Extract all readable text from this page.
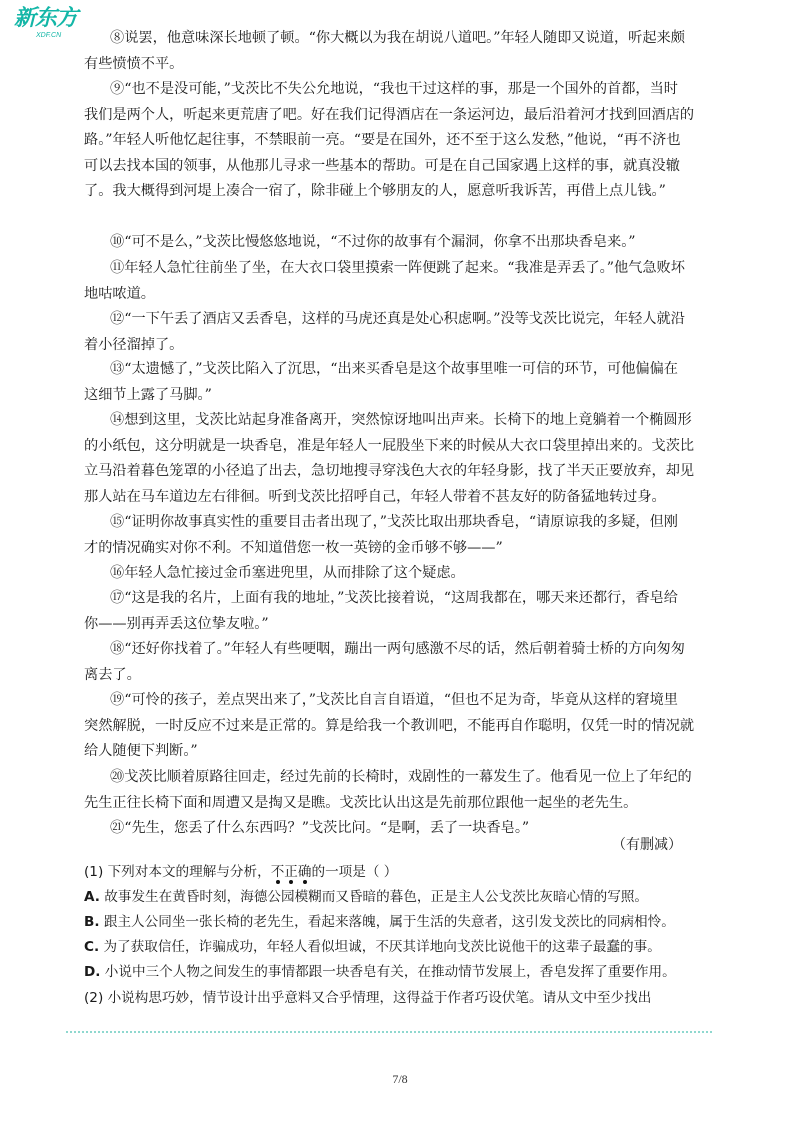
新东方
XDF.CN	⑧说罢，他意味深长地顿了顿。“你大概以为我在胡说八道吧。”年轻人随即又说道，听起来颇
有些愤愤不平。
⑨“也不是没可能，”戈茨比不失公允地说，“我也干过这样的事，那是一个国外的首都，当时
我们是两个人，听起来更荒唐了吧。好在我们记得酒店在一条运河边，最后沿着河才找到回酒店的
路。”年轻人听他忆起往事，不禁眼前一亮。“要是在国外，还不至于这么发愁，”他说，“再不济也
可以去找本国的领事，从他那儿寻求一些基本的帮助。可是在自己国家遇上这样的事，就真没辙
了。我大概得到河堤上凑合一宿了，除非碰上个够朋友的人，愿意听我诉苦，再借上点儿钱。”
⑩“可不是么，”戈茨比慢悠悠地说，“不过你的故事有个漏洞，你拿不出那块香皂来。”
⑪年轻人急忙往前坐了坐，在大衣口袋里摸索一阵便跳了起来。“我准是弄丢了。”他气急败坏
地咕哝道。
⑫“一下午丢了酒店又丢香皂，这样的马虎还真是处心积虑啊。”没等戈茨比说完，年轻人就沿
着小径溜掉了。
⑬“太遗憾了，”戈茨比陷入了沉思，“出来买香皂是这个故事里唯一可信的环节，可他偏偏在
这细节上露了马脚。”
⑭想到这里，戈茨比站起身准备离开，突然惊讶地叫出声来。长椅下的地上竟躺着一个椭圆形
的小纸包，这分明就是一块香皂，准是年轻人一屁股坐下来的时候从大衣口袋里掉出来的。戈茨比
立马沿着暮色笼罩的小径追了出去，急切地搜寻穿浅色大衣的年轻身影，找了半天正要放弃，却见
那人站在马车道边左右徘徊。听到戈茨比招呼自己，年轻人带着不甚友好的防备猛地转过身。
⑮“证明你故事真实性的重要目击者出现了，”戈茨比取出那块香皂，“请原谅我的多疑，但刚
才的情况确实对你不利。不知道借您一枚一英镑的金币够不够——”
⑯年轻人急忙接过金币塞进兜里，从而排除了这个疑虑。
⑰“这是我的名片，上面有我的地址，”戈茨比接着说，“这周我都在，哪天来还都行，香皂给
你——别再弄丢这位挚友啦。”
⑱“还好你找着了。”年轻人有些哽咽，蹦出一两句感激不尽的话，然后朝着骑士桥的方向匆匆
离去了。
⑲“可怜的孩子，差点哭出来了，”戈茨比自言自语道，“但也不足为奇，毕竟从这样的窘境里
突然解脱，一时反应不过来是正常的。算是给我一个教训吧，不能再自作聪明，仅凭一时的情况就
给人随便下判断。”
⑳戈茨比顺着原路往回走，经过先前的长椅时，戏剧性的一幕发生了。他看见一位上了年纪的
先生正往长椅下面和周遭又是掏又是瞧。戈茨比认出这是先前那位跟他一起坐的老先生。
㉑“先生，您丢了什么东西吗？”戈茨比问。“是啊，丢了一块香皂。”
（有删减）
(1) 下列对本文的理解与分析，不正确
的一项是（ ）
A. 故事发生在黄昏时刻，海德公园模糊而又昏暗的暮色，正是主人公戈茨比灰暗心情的写照。
B. 跟主人公同坐一张长椅的老先生，看起来落魄，属于生活的失意者，这引发戈茨比的同病相怜。
C. 为了获取信任，诈骗成功，年轻人看似坦诚，不厌其详地向戈茨比说他干的这辈子最蠢的事。
D. 小说中三个人物之间发生的事情都跟一块香皂有关，在推动情节发展上，香皂发挥了重要作用。
(2) 小说构思巧妙，情节设计出乎意料又合乎情理，这得益于作者巧设伏笔。请从文中至少找出
7/8
